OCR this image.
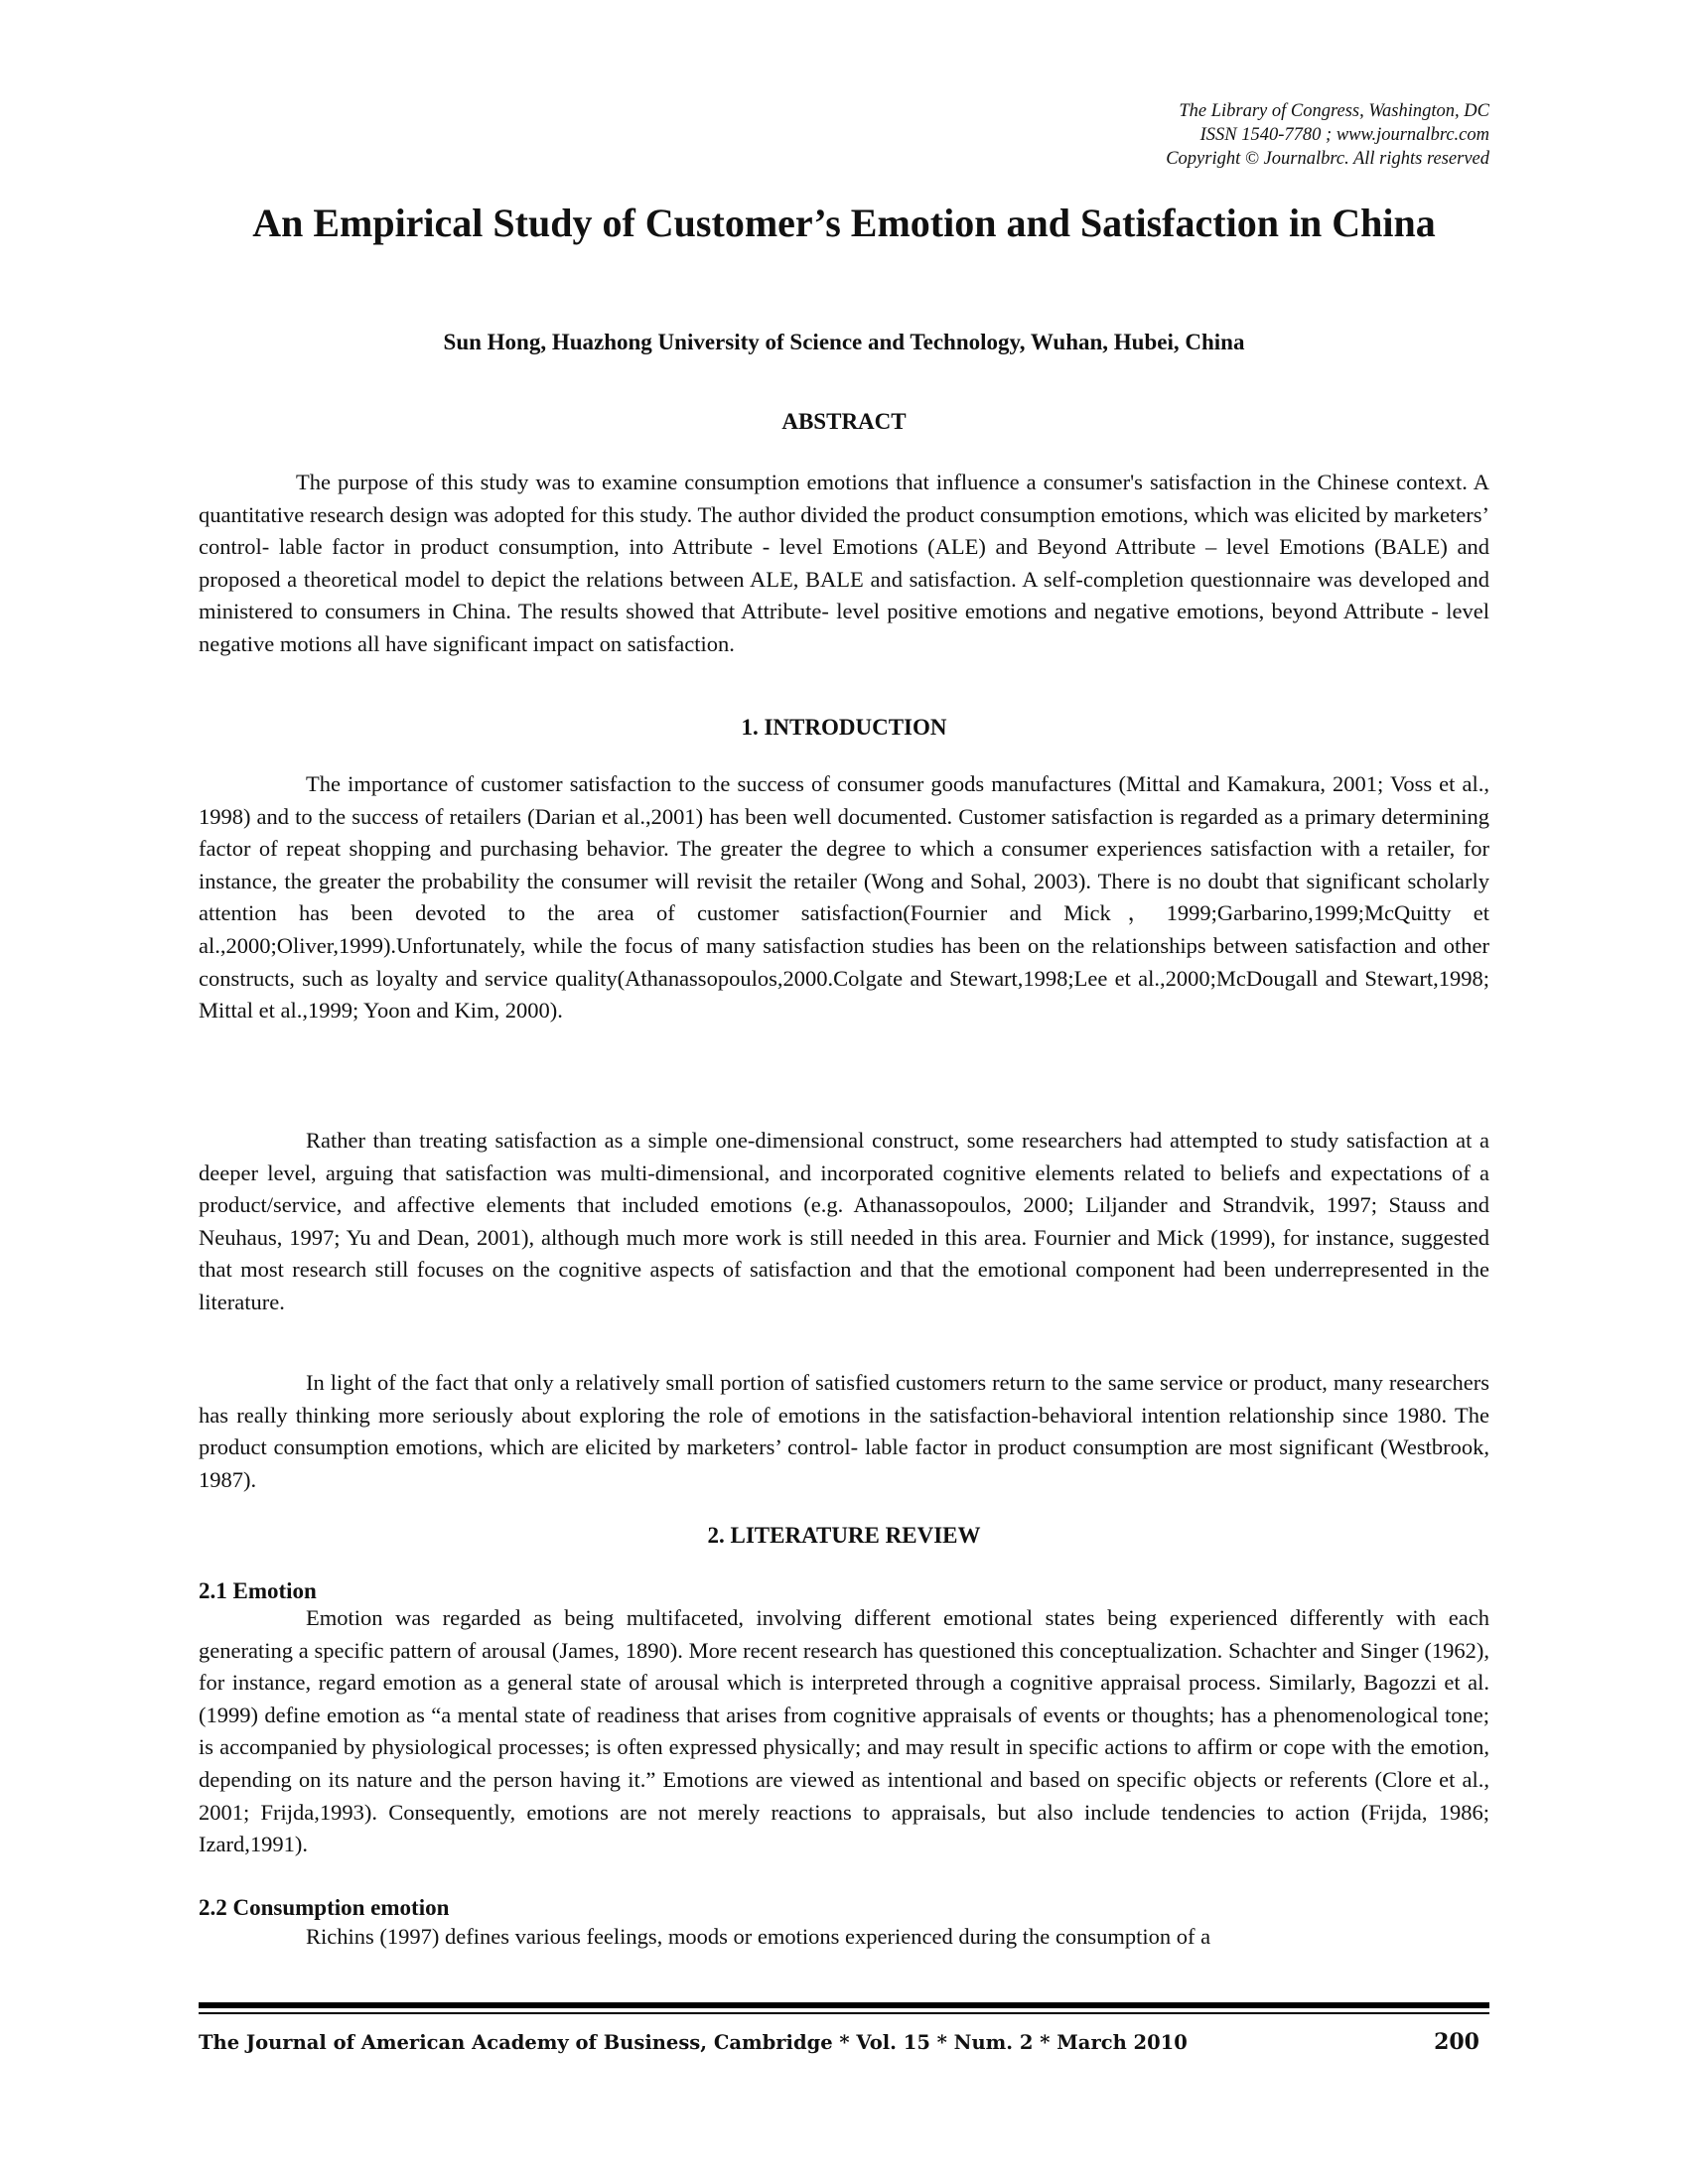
The Library of Congress, Washington, DC
ISSN 1540-7780 ; www.journalbrc.com
Copyright © Journalbrc. All rights reserved
An Empirical Study of Customer’s Emotion and Satisfaction in China
Sun Hong, Huazhong University of Science and Technology, Wuhan, Hubei, China
ABSTRACT

The purpose of this study was to examine consumption emotions that influence a consumer's satisfaction in the Chinese context. A quantitative research design was adopted for this study. The author divided the product consumption emotions, which was elicited by marketers’ control- lable factor in product consumption, into Attribute - level Emotions (ALE) and Beyond Attribute – level Emotions (BALE) and proposed a theoretical model to depict the relations between ALE, BALE and satisfaction. A self-completion questionnaire was developed and ministered to consumers in China. The results showed that Attribute- level positive emotions and negative emotions, beyond Attribute - level negative motions all have significant impact on satisfaction.

1. INTRODUCTION

The importance of customer satisfaction to the success of consumer goods manufactures (Mittal and Kamakura, 2001; Voss et al., 1998) and to the success of retailers (Darian et al.,2001) has been well documented. Customer satisfaction is regarded as a primary determining factor of repeat shopping and purchasing behavior. The greater the degree to which a consumer experiences satisfaction with a retailer, for instance, the greater the probability the consumer will revisit the retailer (Wong and Sohal, 2003). There is no doubt that significant scholarly attention has been devoted to the area of customer satisfaction(Fournier and Mick，1999;Garbarino,1999;McQuitty et al.,2000;Oliver,1999).Unfortunately, while the focus of many satisfaction studies has been on the relationships between satisfaction and other constructs, such as loyalty and service quality(Athanassopoulos,2000.Colgate and Stewart,1998;Lee et al.,2000;McDougall and Stewart,1998; Mittal et al.,1999; Yoon and Kim, 2000).

Rather than treating satisfaction as a simple one-dimensional construct, some researchers had attempted to study satisfaction at a deeper level, arguing that satisfaction was multi-dimensional, and incorporated cognitive elements related to beliefs and expectations of a product/service, and affective elements that included emotions (e.g. Athanassopoulos, 2000; Liljander and Strandvik, 1997; Stauss and Neuhaus, 1997; Yu and Dean, 2001), although much more work is still needed in this area. Fournier and Mick (1999), for instance, suggested that most research still focuses on the cognitive aspects of satisfaction and that the emotional component had been underrepresented in the literature.

In light of the fact that only a relatively small portion of satisfied customers return to the same service or product, many researchers has really thinking more seriously about exploring the role of emotions in the satisfaction-behavioral intention relationship since 1980. The product consumption emotions, which are elicited by marketers’ control- lable factor in product consumption are most significant (Westbrook, 1987).

2. LITERATURE REVIEW
2.1 Emotion

Emotion was regarded as being multifaceted, involving different emotional states being experienced differently with each generating a specific pattern of arousal (James, 1890). More recent research has questioned this conceptualization. Schachter and Singer (1962), for instance, regard emotion as a general state of arousal which is interpreted through a cognitive appraisal process. Similarly, Bagozzi et al.(1999) define emotion as “a mental state of readiness that arises from cognitive appraisals of events or thoughts; has a phenomenological tone; is accompanied by physiological processes; is often expressed physically; and may result in specific actions to affirm or cope with the emotion, depending on its nature and the person having it.” Emotions are viewed as intentional and based on specific objects or referents (Clore et al., 2001; Frijda,1993). Consequently, emotions are not merely reactions to appraisals, but also include tendencies to action (Frijda, 1986; Izard,1991).

2.2 Consumption emotion

Richins (1997) defines various feelings, moods or emotions experienced during the consumption of a

The Journal of American Academy of Business, Cambridge * Vol. 15 * Num. 2 * March 2010	200
